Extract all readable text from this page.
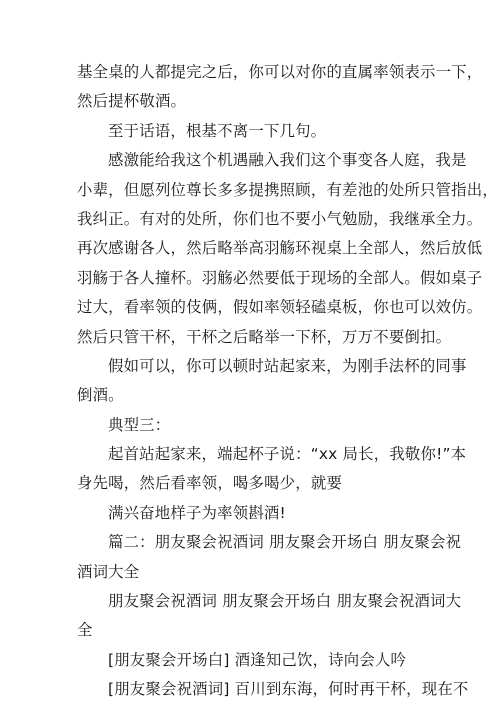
基全桌的人都提完之后，你可以对你的直属率领表示一下，
然后提杯敬酒。

至于话语，根基不离一下几句。

感激能给我这个机遇融入我们这个事变各人庭，我是

小辈，但愿列位尊长多多提携照顾，有差池的处所只管指出，
我纠正。有对的处所，你们也不要小气勉励，我继承全力。
再次感谢各人，然后略举高羽觞环视桌上全部人，然后放低
羽觞于各人撞杯。羽觞必然要低于现场的全部人。假如桌子
过大，看率领的伎俩，假如率领轻磕桌板，你也可以效仿。
然后只管干杯，干杯之后略举一下杯，万万不要倒扣。

假如可以，你可以顿时站起家来，为刚手法杯的同事

倒酒。

典型三：

起首站起家来，端起杯子说：“xx 局长，我敬你!”本

身先喝，然后看率领，喝多喝少，就要

满兴奋地样子为率领斟酒!

篇二：朋友聚会祝酒词 朋友聚会开场白 朋友聚会祝

酒词大全

朋友聚会祝酒词 朋友聚会开场白 朋友聚会祝酒词大

全

[朋友聚会开场白] 酒逢知己饮，诗向会人吟

[朋友聚会祝酒词] 百川到东海，何时再干杯，现在不
